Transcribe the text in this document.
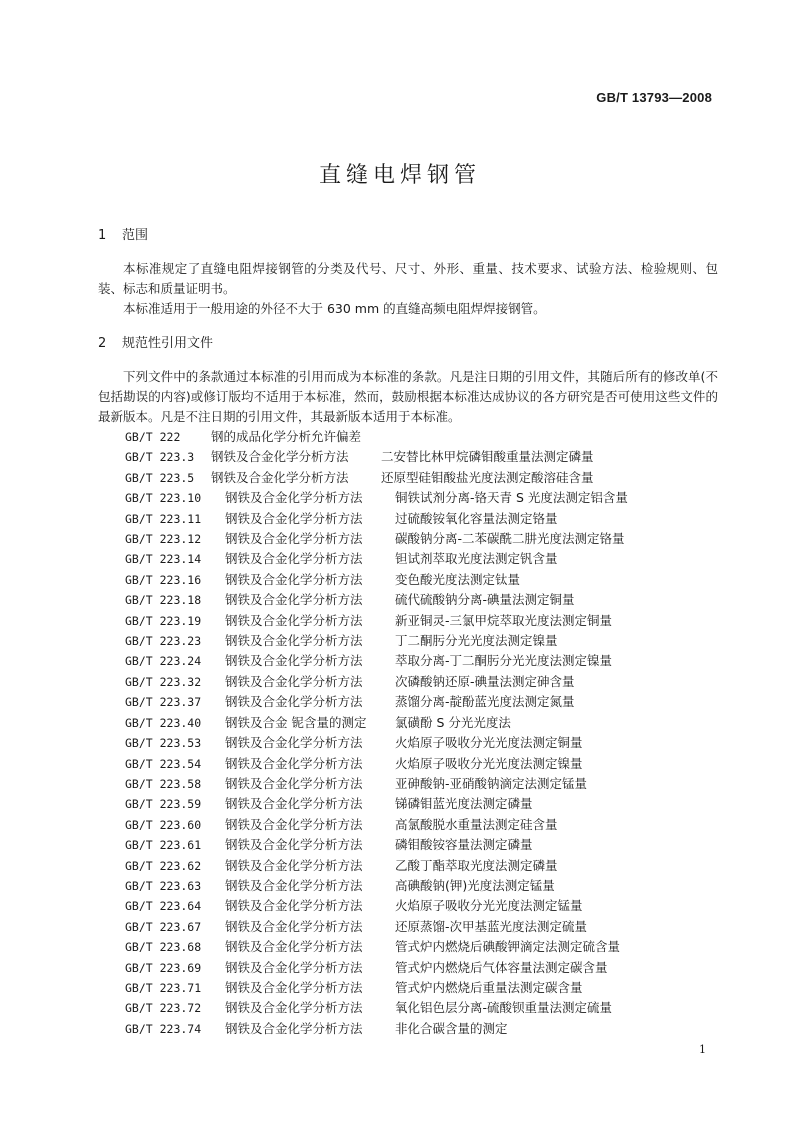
GB/T 13793—2008
直缝电焊钢管

1 范围

本标准规定了直缝电阻焊接钢管的分类及代号、尺寸、外形、重量、技术要求、试验方法、检验规则、包装、标志和质量证明书。

本标准适用于一般用途的外径不大于 630 mm 的直缝高频电阻焊焊接钢管。

2 规范性引用文件

下列文件中的条款通过本标准的引用而成为本标准的条款。凡是注日期的引用文件，其随后所有的修改单(不包括勘误的内容)或修订版均不适用于本标准，然而，鼓励根据本标准达成协议的各方研究是否可使用这些文件的最新版本。凡是不注日期的引用文件，其最新版本适用于本标准。

GB/T 222 钢的成品化学分析允许偏差
GB/T 223.3 钢铁及合金化学分析方法	二安替比林甲烷磷钼酸重量法测定磷量
GB/T 223.5 钢铁及合金化学分析方法	还原型硅钼酸盐光度法测定酸溶硅含量
GB/T 223.10 钢铁及合金化学分析方法	铜铁试剂分离-铬天青 S 光度法测定铝含量
GB/T 223.11 钢铁及合金化学分析方法	过硫酸铵氧化容量法测定铬量
GB/T 223.12 钢铁及合金化学分析方法	碳酸钠分离-二苯碳酰二肼光度法测定铬量
GB/T 223.14 钢铁及合金化学分析方法	钽试剂萃取光度法测定钒含量
GB/T 223.16 钢铁及合金化学分析方法	变色酸光度法测定钛量
GB/T 223.18 钢铁及合金化学分析方法	硫代硫酸钠分离-碘量法测定铜量
GB/T 223.19 钢铁及合金化学分析方法	新亚铜灵-三氯甲烷萃取光度法测定铜量
GB/T 223.23 钢铁及合金化学分析方法	丁二酮肟分光光度法测定镍量
GB/T 223.24 钢铁及合金化学分析方法	萃取分离-丁二酮肟分光光度法测定镍量
GB/T 223.32 钢铁及合金化学分析方法	次磷酸钠还原-碘量法测定砷含量
GB/T 223.37 钢铁及合金化学分析方法	蒸馏分离-靛酚蓝光度法测定氮量
GB/T 223.40 钢铁及合金 铌含量的测定 氯磺酚 S 分光光度法
GB/T 223.53 钢铁及合金化学分析方法	火焰原子吸收分光光度法测定铜量
GB/T 223.54 钢铁及合金化学分析方法	火焰原子吸收分光光度法测定镍量
GB/T 223.58 钢铁及合金化学分析方法	亚砷酸钠-亚硝酸钠滴定法测定锰量
GB/T 223.59 钢铁及合金化学分析方法	锑磷钼蓝光度法测定磷量
GB/T 223.60 钢铁及合金化学分析方法	高氯酸脱水重量法测定硅含量
GB/T 223.61 钢铁及合金化学分析方法	磷钼酸铵容量法测定磷量
GB/T 223.62 钢铁及合金化学分析方法	乙酸丁酯萃取光度法测定磷量
GB/T 223.63 钢铁及合金化学分析方法	高碘酸钠(钾)光度法测定锰量
GB/T 223.64 钢铁及合金化学分析方法	火焰原子吸收分光光度法测定锰量
GB/T 223.67 钢铁及合金化学分析方法	还原蒸馏-次甲基蓝光度法测定硫量
GB/T 223.68 钢铁及合金化学分析方法	管式炉内燃烧后碘酸钾滴定法测定硫含量
GB/T 223.69 钢铁及合金化学分析方法	管式炉内燃烧后气体容量法测定碳含量
GB/T 223.71 钢铁及合金化学分析方法	管式炉内燃烧后重量法测定碳含量
GB/T 223.72 钢铁及合金化学分析方法	氧化铝色层分离-硫酸钡重量法测定硫量
GB/T 223.74 钢铁及合金化学分析方法	非化合碳含量的测定
1
